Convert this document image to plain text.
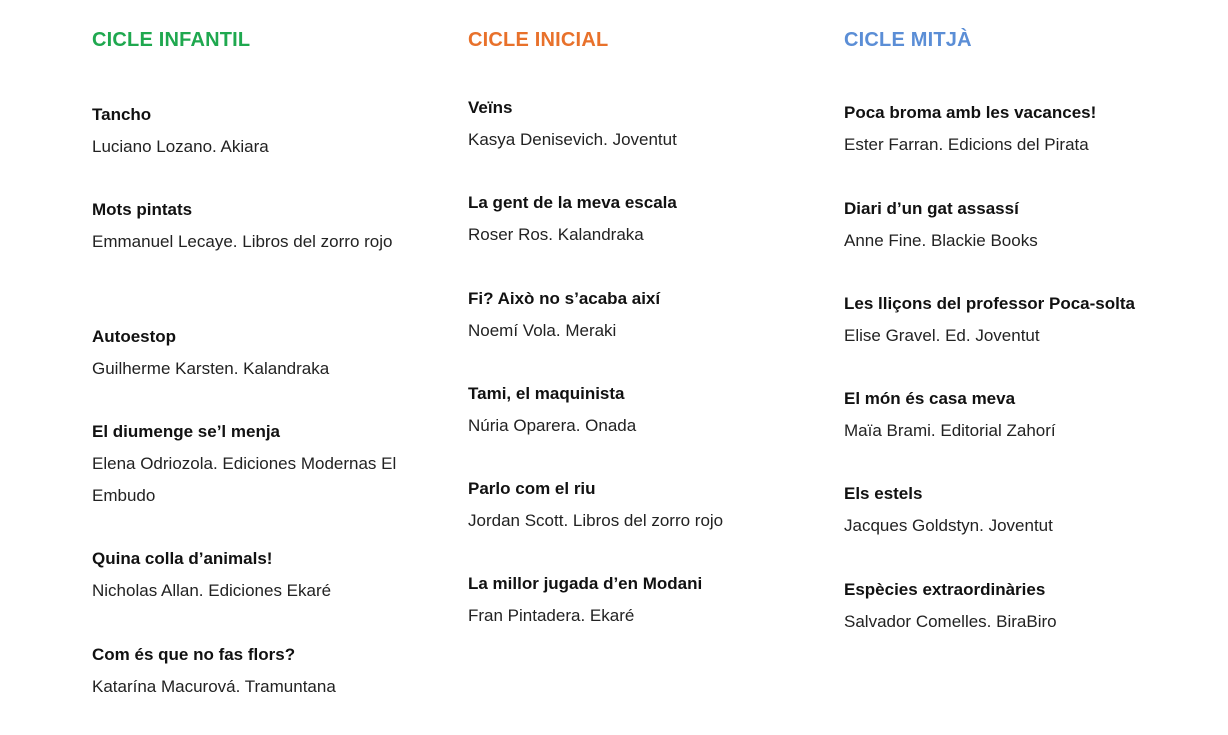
CICLE INFANTIL
Tancho
Luciano Lozano. Akiara
Mots pintats
Emmanuel Lecaye. Libros del zorro rojo
Autoestop
Guilherme Karsten. Kalandraka
El diumenge se’l menja
Elena Odriozola. Ediciones Modernas El Embudo
Quina colla d’animals!
Nicholas Allan. Ediciones Ekaré
Com és que no fas flors?
Katarína Macurová. Tramuntana
CICLE INICIAL
Veïns
Kasya Denisevich. Joventut
La gent de la meva escala
Roser Ros. Kalandraka
Fi? Això no s’acaba així
Noemí Vola. Meraki
Tami, el maquinista
Núria Oparera. Onada
Parlo com el riu
Jordan Scott. Libros del zorro rojo
La millor jugada d’en Modani
Fran Pintadera. Ekaré
CICLE MITJÀ
Poca broma amb les vacances!
Ester Farran. Edicions del Pirata
Diari d’un gat assassí
Anne Fine. Blackie Books
Les lliçons del professor Poca-solta
Elise Gravel. Ed. Joventut
El món és casa meva
Maïa Brami. Editorial Zahorí
Els estels
Jacques Goldstyn. Joventut
Espècies extraordinàries
Salvador Comelles. BiraBiro
